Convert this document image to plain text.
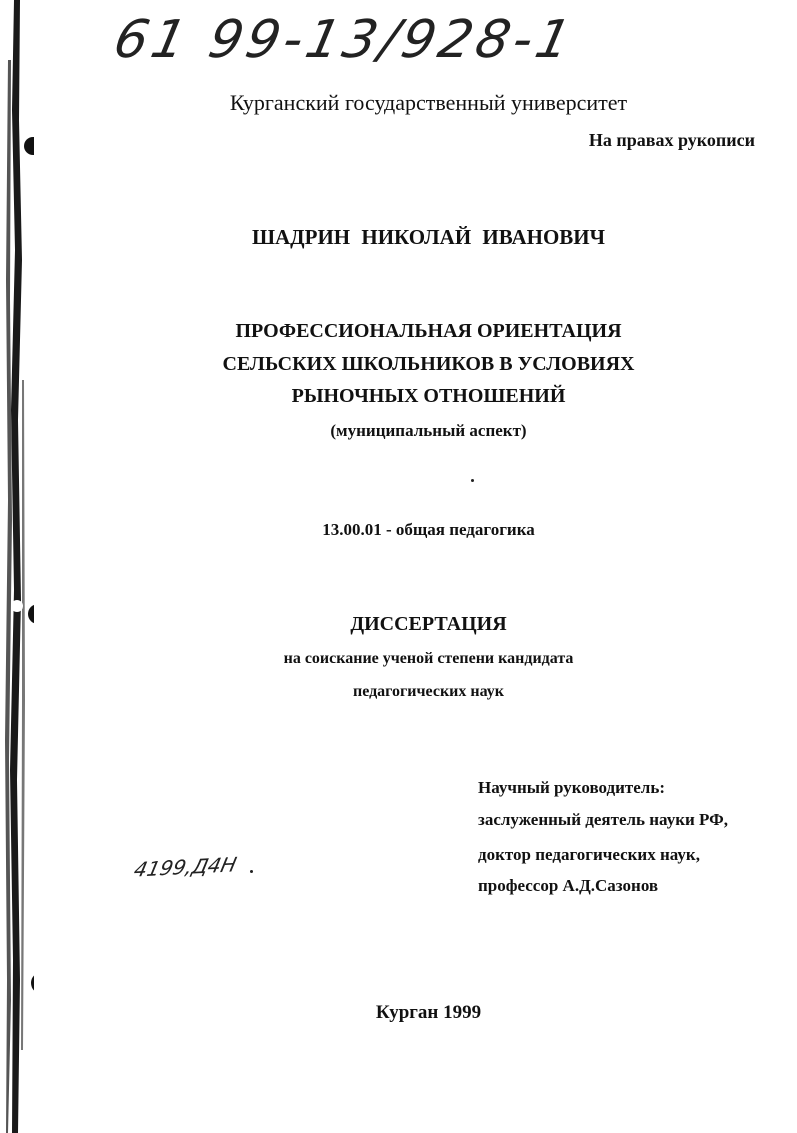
61 99-13/928-1
Курганский государственный университет
На правах рукописи
ШАДРИН НИКОЛАЙ ИВАНОВИЧ
ПРОФЕССИОНАЛЬНАЯ ОРИЕНТАЦИЯ
СЕЛЬСКИХ ШКОЛЬНИКОВ В УСЛОВИЯХ
РЫНОЧНЫХ ОТНОШЕНИЙ
(муниципальный аспект)
13.00.01 - общая педагогика
ДИССЕРТАЦИЯ
на соискание ученой степени кандидата
педагогических наук
Научный руководитель:
заслуженный деятель науки РФ,
доктор педагогических наук,
профессор А.Д.Сазонов
4199,Д4Н
Курган 1999
